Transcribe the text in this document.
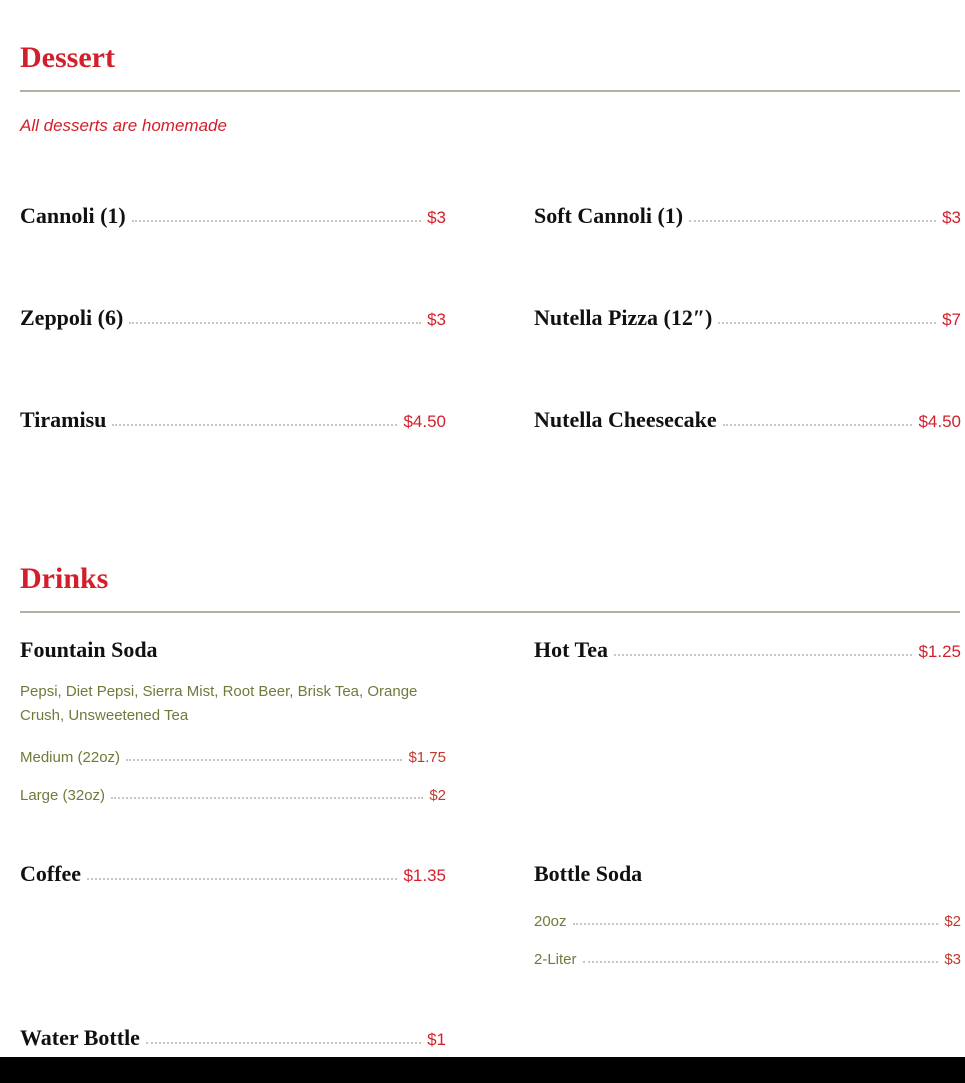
Dessert
All desserts are homemade
Cannoli (1)	$3	Soft Cannoli (1)	$3
Zeppoli (6)	$3	Nutella Pizza (12″)	$7
Tiramisu	$4.50	Nutella Cheesecake	$4.50
Drinks
Fountain Soda
Pepsi, Diet Pepsi, Sierra Mist, Root Beer, Brisk Tea, Orange Crush, Unsweetened Tea
Medium (22oz)	$1.75
Large (32oz)	$2
Hot Tea	$1.25
Coffee	$1.35	Bottle Soda
20oz	$2
2-Liter	$3
Water Bottle	$1
